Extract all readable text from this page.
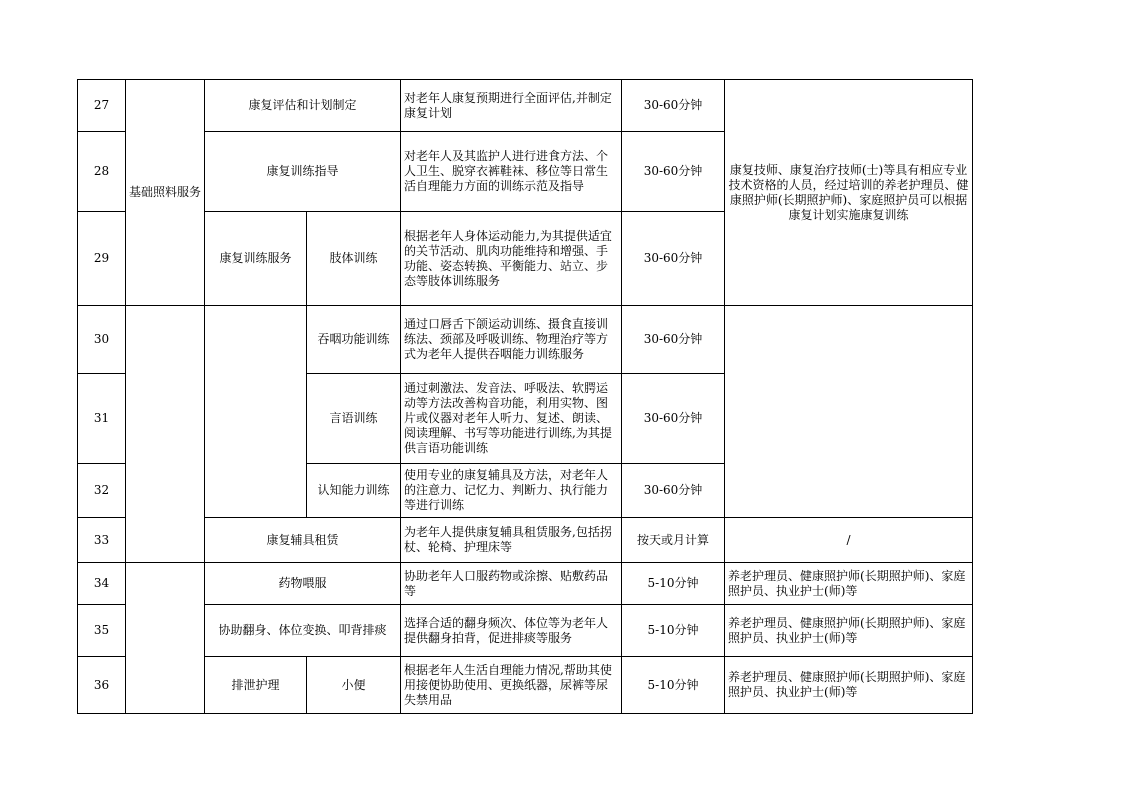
27	基础照料服务	康复评估和计划制定		对老年人康复预期进行全面评估,并制定康复计划	30-60分钟	康复技师、康复治疗技师(士)等具有相应专业技术资格的人员，经过培训的养老护理员、健康照护师(长期照护师)、家庭照护员可以根据康复计划实施康复训练
28		康复训练指导		对老年人及其监护人进行进食方法、个人卫生、脱穿衣裤鞋袜、移位等日常生活自理能力方面的训练示范及指导	30-60分钟	
29		康复训练服务	肢体训练	根据老年人身体运动能力,为其提供适宜的关节活动、肌肉功能维持和增强、手功能、姿态转换、平衡能力、站立、步态等肢体训练服务	30-60分钟	
30			吞咽功能训练	通过口唇舌下颌运动训练、摄食直接训练法、颈部及呼吸训练、物理治疗等方式为老年人提供吞咽能力训练服务	30-60分钟	
31			言语训练	通过刺激法、发音法、呼吸法、软腭运动等方法改善构音功能，利用实物、图片或仪器对老年人听力、复述、朗读、阅读理解、书写等功能进行训练,为其提供言语功能训练	30-60分钟	
32			认知能力训练	使用专业的康复辅具及方法，对老年人的注意力、记忆力、判断力、执行能力等进行训练	30-60分钟	
33		康复辅具租赁		为老年人提供康复辅具租赁服务,包括拐杖、轮椅、护理床等	按天或月计算	/
34		药物喂服		协助老年人口服药物或涂擦、贴敷药品等	5-10分钟	养老护理员、健康照护师(长期照护师)、家庭照护员、执业护士(师)等
35		协助翻身、体位变换、叩背排痰		选择合适的翻身频次、体位等为老年人提供翻身拍背，促进排痰等服务	5-10分钟	养老护理员、健康照护师(长期照护师)、家庭照护员、执业护士(师)等
36		排泄护理	小便	根据老年人生活自理能力情况,帮助其使用接便协助使用、更换纸器，尿裤等尿失禁用品	5-10分钟	养老护理员、健康照护师(长期照护师)、家庭照护员、执业护士(师)等
